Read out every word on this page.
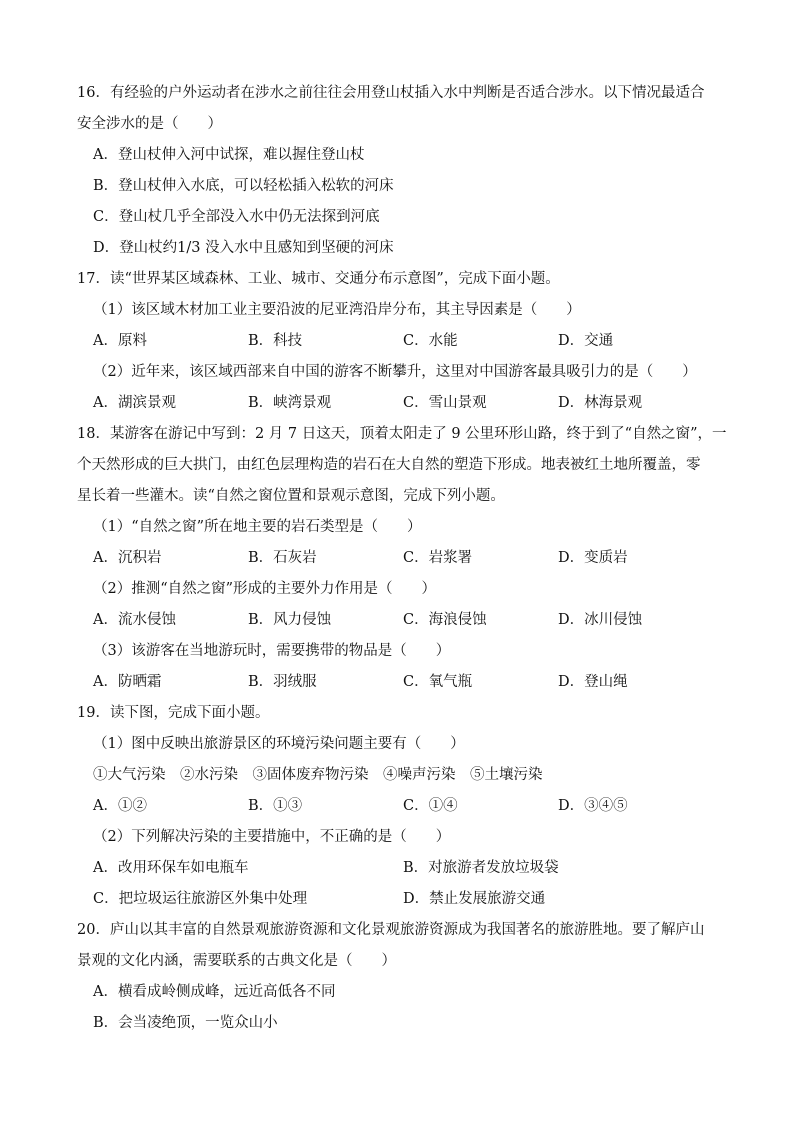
16．有经验的户外运动者在涉水之前往往会用登山杖插入水中判断是否适合涉水。以下情况最适合
安全涉水的是（　　）
A．登山杖伸入河中试探，难以握住登山杖
B．登山杖伸入水底，可以轻松插入松软的河床
C．登山杖几乎全部没入水中仍无法探到河底
D．登山杖约1/3 没入水中且感知到坚硬的河床
17．读“世界某区域森林、工业、城市、交通分布示意图”，完成下面小题。
（1）该区域木材加工业主要沿波的尼亚湾沿岸分布，其主导因素是（　　）
A．原料	B．科技	C．水能	D．交通
（2）近年来，该区域西部来自中国的游客不断攀升，这里对中国游客最具吸引力的是（　　）
A．湖滨景观	B．峡湾景观	C．雪山景观	D．林海景观
18．某游客在游记中写到：2 月 7 日这天，顶着太阳走了 9 公里环形山路，终于到了“自然之窗”，一
个天然形成的巨大拱门，由红色层理构造的岩石在大自然的塑造下形成。地表被红土地所覆盖，零
星长着一些灌木。读“自然之窗位置和景观示意图，完成下列小题。
（1）“自然之窗”所在地主要的岩石类型是（　　）
A．沉积岩	B．石灰岩	C．岩浆署	D．变质岩
（2）推测“自然之窗”形成的主要外力作用是（　　）
A．流水侵蚀	B．风力侵蚀	C．海浪侵蚀	D．冰川侵蚀
（3）该游客在当地游玩时，需要携带的物品是（　　）
A．防晒霜	B．羽绒服	C．氧气瓶	D．登山绳
19．读下图，完成下面小题。
（1）图中反映出旅游景区的环境污染问题主要有（　　）
①大气污染　②水污染　③固体废弃物污染　④噪声污染　⑤土壤污染
A．①②	B．①③	C．①④	D．③④⑤
（2）下列解决污染的主要措施中，不正确的是（　　）
A．改用环保车如电瓶车	B．对旅游者发放垃圾袋
C．把垃圾运往旅游区外集中处理	D．禁止发展旅游交通
20．庐山以其丰富的自然景观旅游资源和文化景观旅游资源成为我国著名的旅游胜地。要了解庐山
景观的文化内涵，需要联系的古典文化是（　　）
A．横看成岭侧成峰，远近高低各不同
B．会当凌绝顶，一览众山小
